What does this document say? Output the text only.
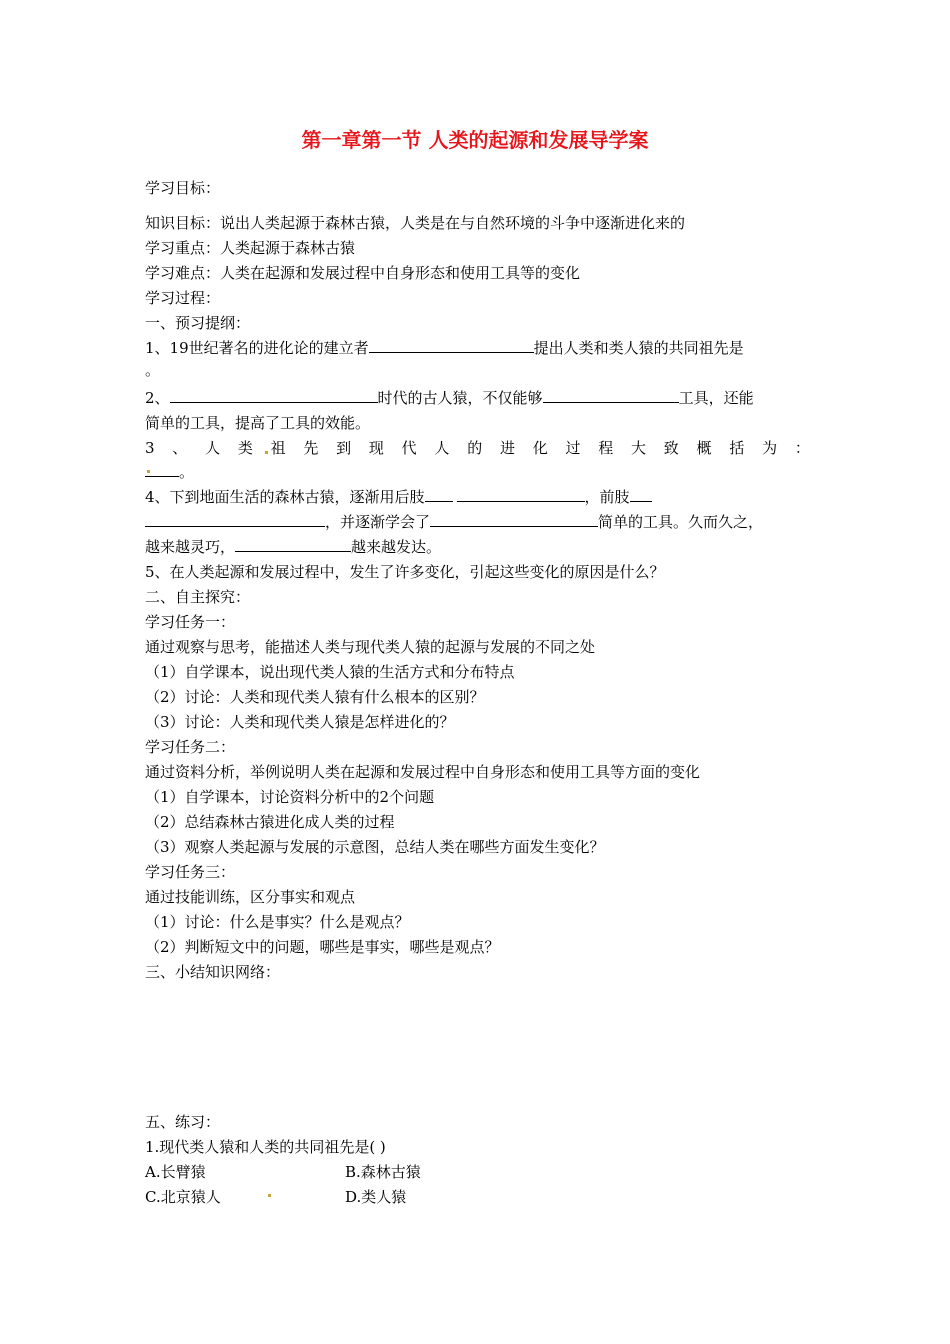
第一章第一节 人类的起源和发展导学案
学习目标：
知识目标：说出人类起源于森林古猿，人类是在与自然环境的斗争中逐渐进化来的
学习重点：人类起源于森林古猿
学习难点：人类在起源和发展过程中自身形态和使用工具等的变化
学习过程：
一、预习提纲：
1、19世纪著名的进化论的建立者	提出人类和类人猿的共同祖先是
。
2、	时代的古人猿，不仅能够	工具，还能
简单的工具，提高了工具的效能。
3 、 人 类 祖 先 到 现 代 人 的 进 化 过 程 大 致 概 括 为 ：
。
4、下到地面生活的森林古猿，逐渐用后肢	，前肢
，并逐渐学会了	简单的工具。久而久之，
越来越灵巧，	越来越发达。
5、在人类起源和发展过程中，发生了许多变化，引起这些变化的原因是什么？
二、自主探究：
学习任务一：
通过观察与思考，能描述人类与现代类人猿的起源与发展的不同之处
（1）自学课本，说出现代类人猿的生活方式和分布特点
（2）讨论：人类和现代类人猿有什么根本的区别？
（3）讨论：人类和现代类人猿是怎样进化的？
学习任务二：
通过资料分析，举例说明人类在起源和发展过程中自身形态和使用工具等方面的变化
（1）自学课本，讨论资料分析中的2个问题
（2）总结森林古猿进化成人类的过程
（3）观察人类起源与发展的示意图，总结人类在哪些方面发生变化？
学习任务三：
通过技能训练，区分事实和观点
（1）讨论：什么是事实？什么是观点？
（2）判断短文中的问题，哪些是事实，哪些是观点？
三、小结知识网络：
五、练习：
1.现代类人猿和人类的共同祖先是( )
A.长臂猿	B.森林古猿
C.北京猿人	D.类人猿
